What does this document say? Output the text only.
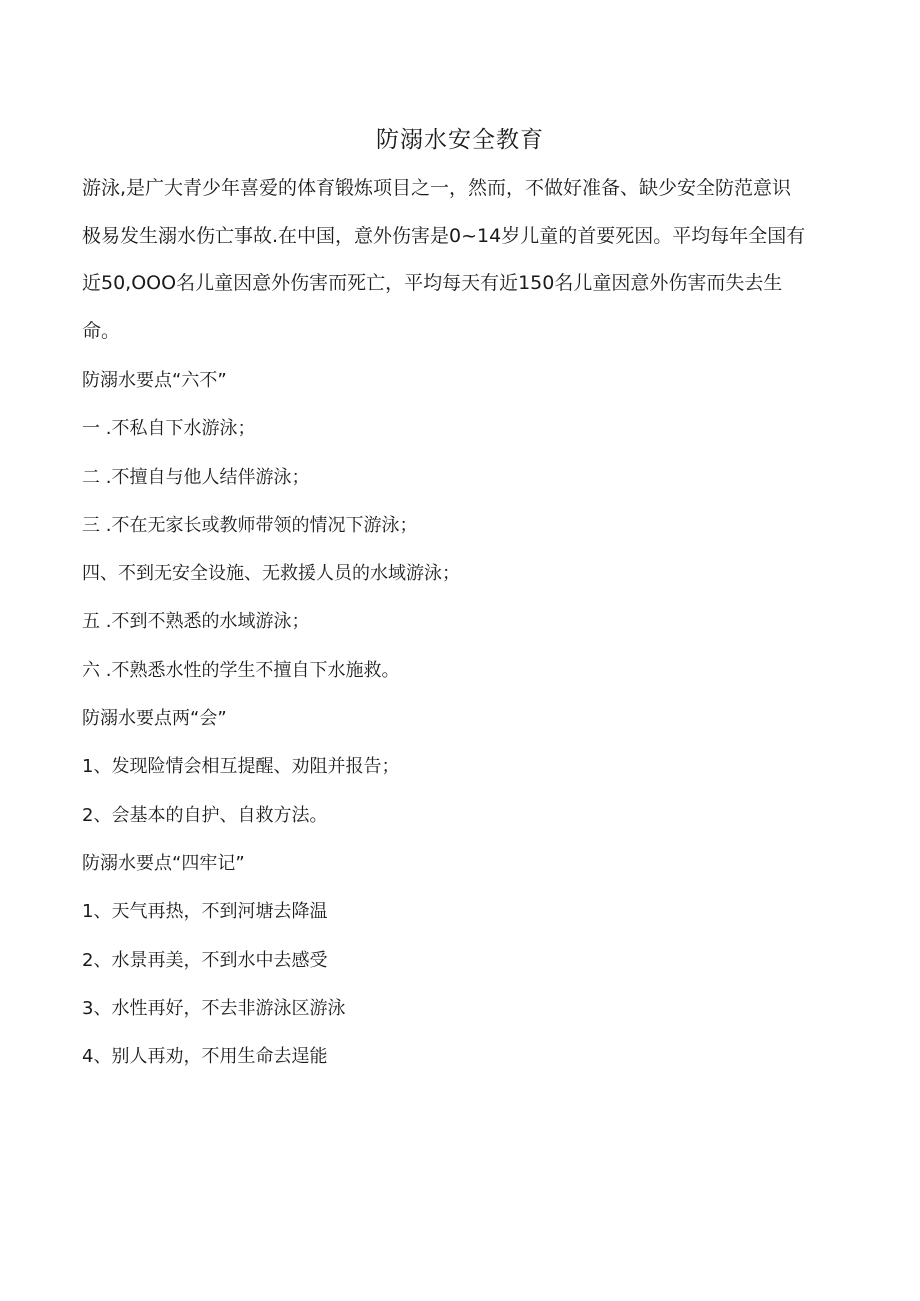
防溺水安全教育
游泳,是广大青少年喜爱的体育锻炼项目之一，然而，不做好准备、缺少安全防范意识
极易发生溺水伤亡事故.在中国，意外伤害是0~14岁儿童的首要死因。平均每年全国有
近50,OOO名儿童因意外伤害而死亡，平均每天有近150名儿童因意外伤害而失去生
命。
防溺水要点“六不”
一 .不私自下水游泳；
二 .不擅自与他人结伴游泳；
三 .不在无家长或教师带领的情况下游泳；
四、不到无安全设施、无救援人员的水域游泳；
五 .不到不熟悉的水域游泳；
六 .不熟悉水性的学生不擅自下水施救。
防溺水要点两“会”
1、发现险情会相互提醒、劝阻并报告；
2、会基本的自护、自救方法。
防溺水要点“四牢记”
1、天气再热，不到河塘去降温
2、水景再美，不到水中去感受
3、水性再好，不去非游泳区游泳
4、别人再劝，不用生命去逞能
